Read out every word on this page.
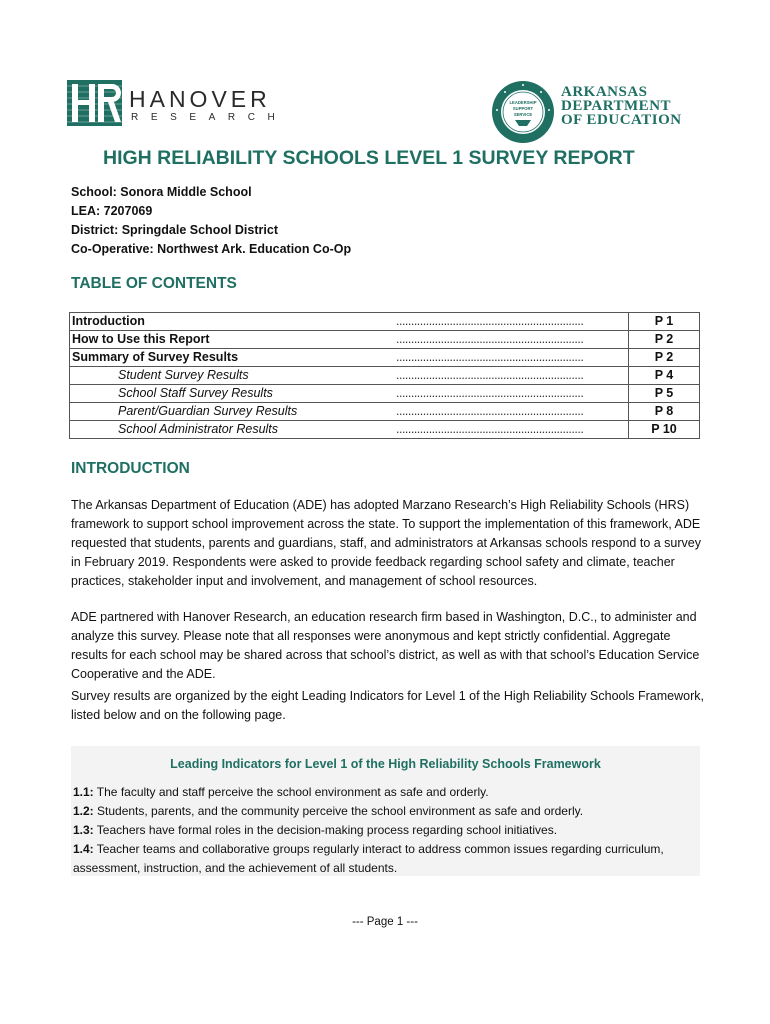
HANOVER
RESEARCH
LEADERSHIP
SUPPORT
SERVICE
ARKANSAS
DEPARTMENT
OF EDUCATION
HIGH RELIABILITY SCHOOLS LEVEL 1 SURVEY REPORT
School: Sonora Middle School
LEA: 7207069
District: Springdale School District
Co-Operative: Northwest Ark. Education Co-Op
TABLE OF CONTENTS
Introduction	...............................................................	P 1
How to Use this Report	...............................................................	P 2
Summary of Survey Results	...............................................................	P 2
Student Survey Results	...............................................................	P 4
School Staff Survey Results	...............................................................	P 5
Parent/Guardian Survey Results	...............................................................	P 8
School Administrator Results	...............................................................	P 10
INTRODUCTION

The Arkansas Department of Education (ADE) has adopted Marzano Research’s High Reliability Schools (HRS) framework to support school improvement across the state. To support the implementation of this framework, ADE requested that students, parents and guardians, staff, and administrators at Arkansas schools respond to a survey in February 2019. Respondents were asked to provide feedback regarding school safety and climate, teacher practices, stakeholder input and involvement, and management of school resources.

ADE partnered with Hanover Research, an education research firm based in Washington, D.C., to administer and analyze this survey. Please note that all responses were anonymous and kept strictly confidential. Aggregate results for each school may be shared across that school’s district, as well as with that school’s Education Service Cooperative and the ADE.

Survey results are organized by the eight Leading Indicators for Level 1 of the High Reliability Schools Framework, listed below and on the following page.

Leading Indicators for Level 1 of the High Reliability Schools Framework

1.1: The faculty and staff perceive the school environment as safe and orderly.

1.2: Students, parents, and the community perceive the school environment as safe and orderly.

1.3: Teachers have formal roles in the decision-making process regarding school initiatives.

1.4: Teacher teams and collaborative groups regularly interact to address common issues regarding curriculum, assessment, instruction, and the achievement of all students.

--- Page 1 ---
